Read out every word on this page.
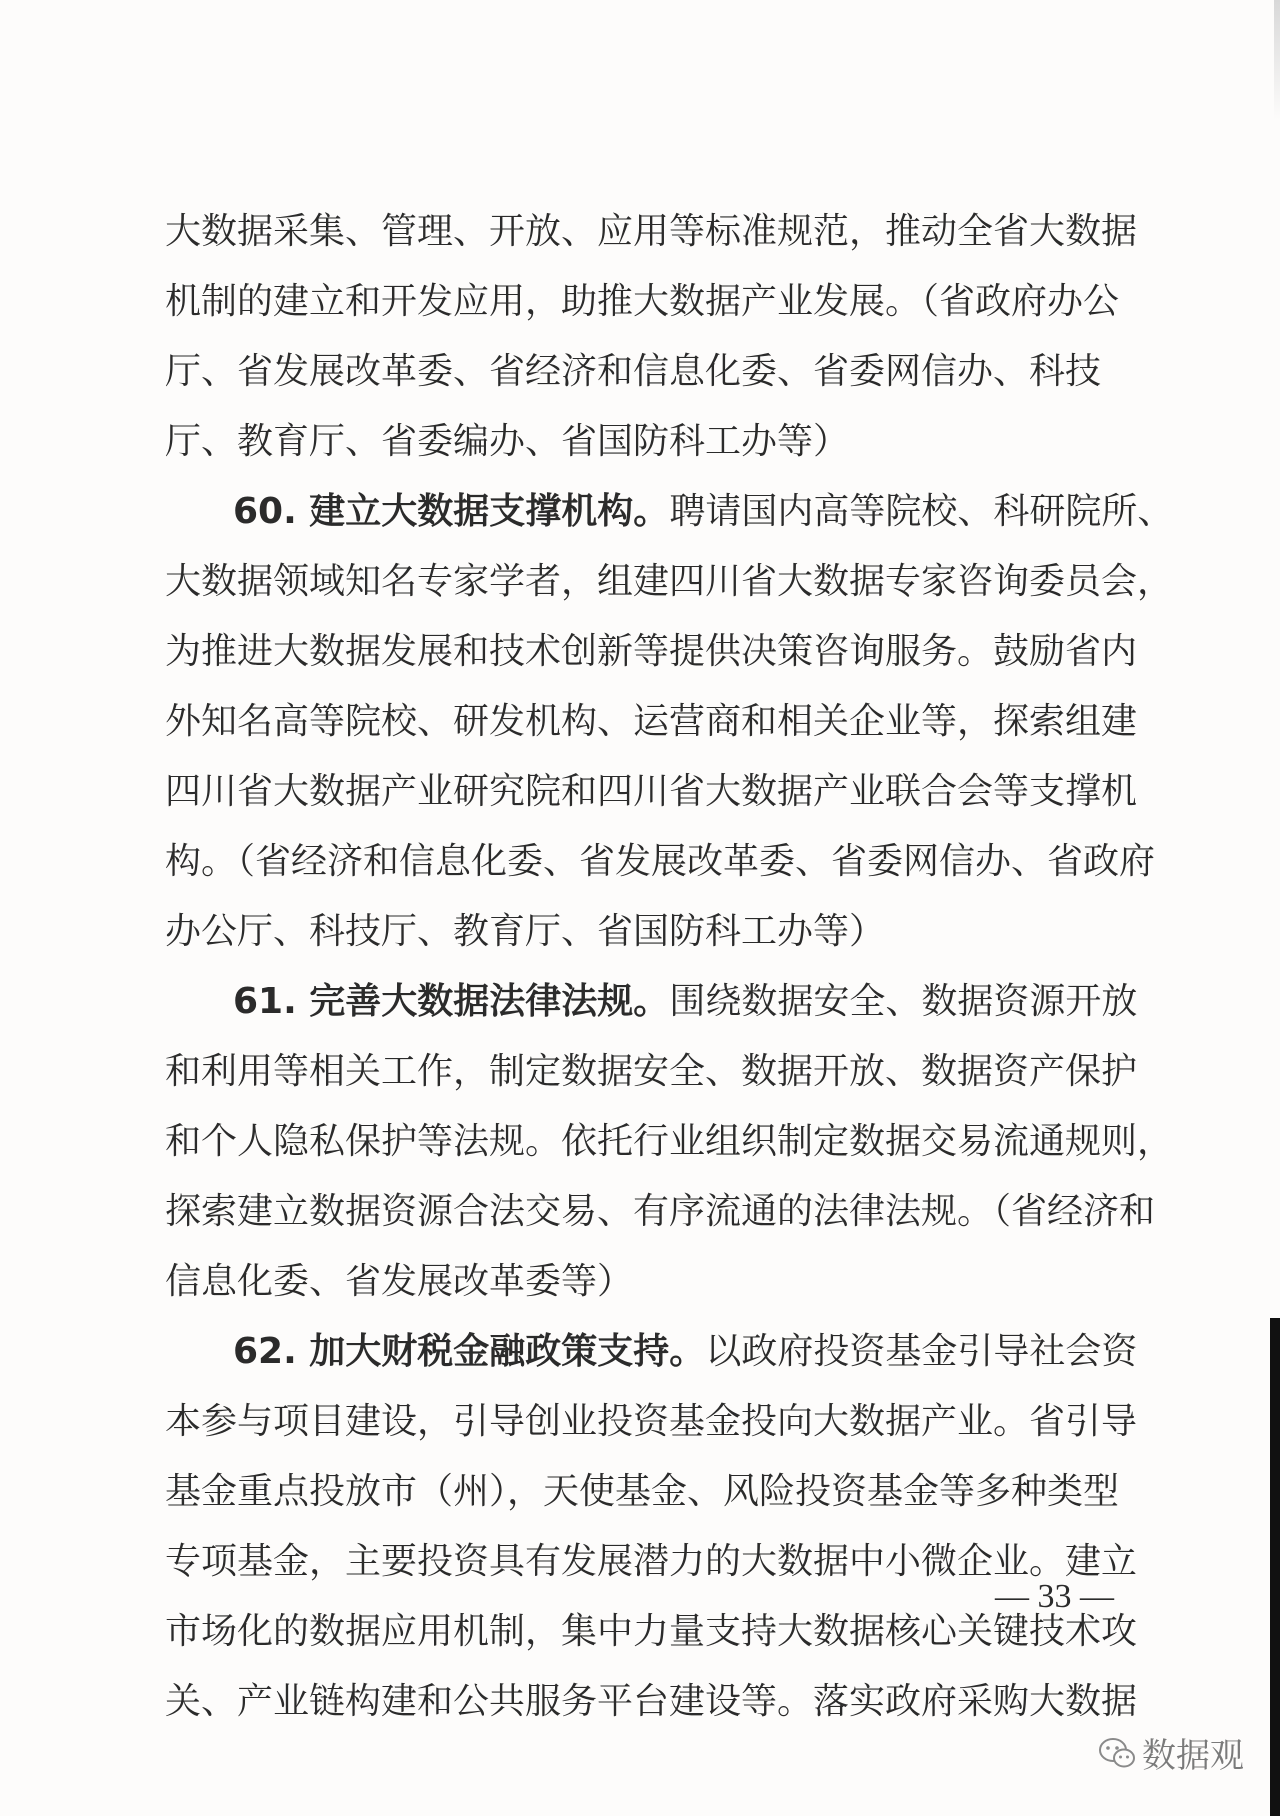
大数据采集、管理、开放、应用等标准规范，推动全省大数据
机制的建立和开发应用，助推大数据产业发展。（省政府办公
厅、省发展改革委、省经济和信息化委、省委网信办、科技
厅、教育厅、省委编办、省国防科工办等）
60. 建立大数据支撑机构。聘请国内高等院校、科研院所、
大数据领域知名专家学者，组建四川省大数据专家咨询委员会，
为推进大数据发展和技术创新等提供决策咨询服务。鼓励省内
外知名高等院校、研发机构、运营商和相关企业等，探索组建
四川省大数据产业研究院和四川省大数据产业联合会等支撑机
构。（省经济和信息化委、省发展改革委、省委网信办、省政府
办公厅、科技厅、教育厅、省国防科工办等）
61. 完善大数据法律法规。围绕数据安全、数据资源开放
和利用等相关工作，制定数据安全、数据开放、数据资产保护
和个人隐私保护等法规。依托行业组织制定数据交易流通规则，
探索建立数据资源合法交易、有序流通的法律法规。（省经济和
信息化委、省发展改革委等）
62. 加大财税金融政策支持。以政府投资基金引导社会资
本参与项目建设，引导创业投资基金投向大数据产业。省引导
基金重点投放市（州），天使基金、风险投资基金等多种类型
专项基金，主要投资具有发展潜力的大数据中小微企业。建立
市场化的数据应用机制，集中力量支持大数据核心关键技术攻
关、产业链构建和公共服务平台建设等。落实政府采购大数据
— 33 —
数据观
